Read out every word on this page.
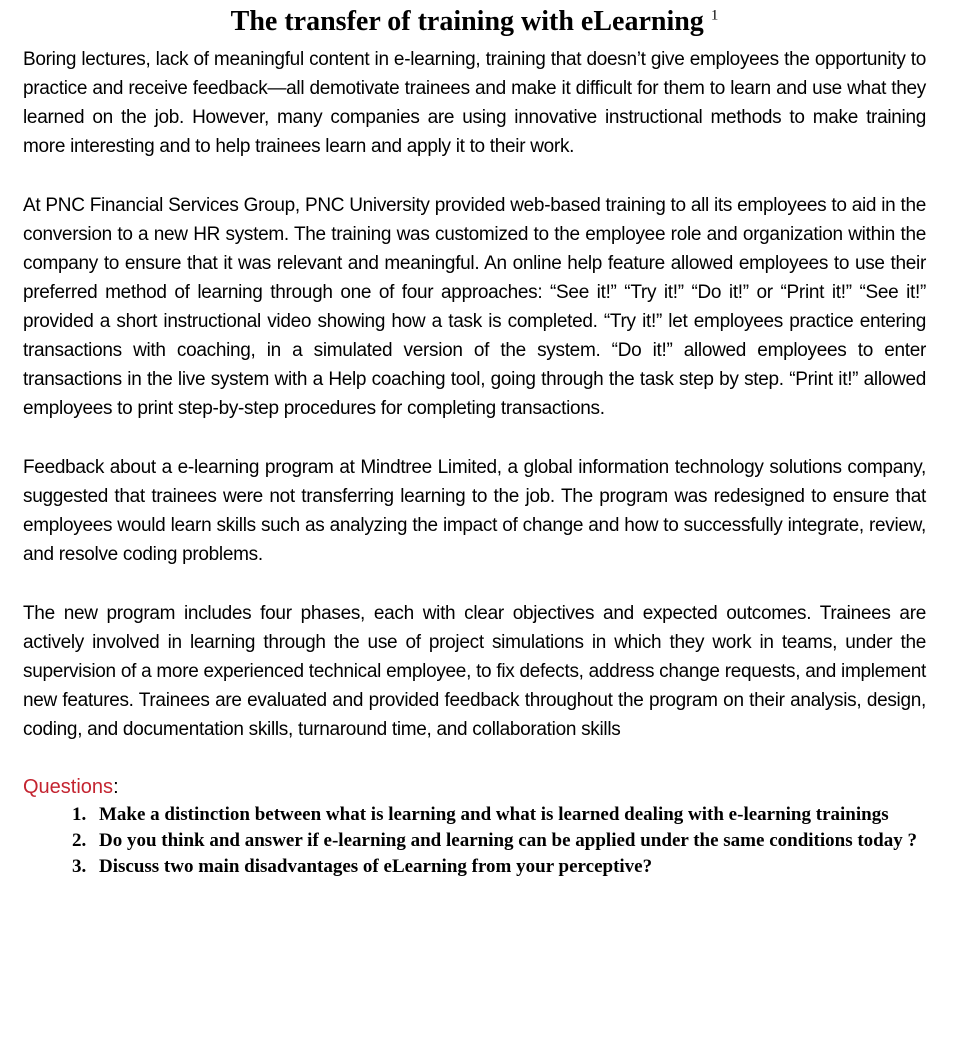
The transfer of training with eLearning $^1$

Boring lectures, lack of meaningful content in e-learning, training that doesn’t give employees the opportunity to practice and receive feedback—all demotivate trainees and make it difficult for them to learn and use what they learned on the job. However, many companies are using innovative instructional methods to make training more interesting and to help trainees learn and apply it to their work.

At PNC Financial Services Group, PNC University provided web-based training to all its employees to aid in the conversion to a new HR system. The training was customized to the employee role and organization within the company to ensure that it was relevant and meaningful. An online help feature allowed employees to use their preferred method of learning through one of four approaches: “See it!” “Try it!” “Do it!” or “Print it!” “See it!” provided a short instructional video showing how a task is completed. “Try it!” let employees practice entering transactions with coaching, in a simulated version of the system. “Do it!” allowed employees to enter transactions in the live system with a Help coaching tool, going through the task step by step. “Print it!” allowed employees to print step-by-step procedures for completing transactions.

Feedback about a e-learning program at Mindtree Limited, a global information technology solutions company, suggested that trainees were not transferring learning to the job. The program was redesigned to ensure that employees would learn skills such as analyzing the impact of change and how to successfully integrate, review, and resolve coding problems.

The new program includes four phases, each with clear objectives and expected outcomes. Trainees are actively involved in learning through the use of project simulations in which they work in teams, under the supervision of a more experienced technical employee, to fix defects, address change requests, and implement new features. Trainees are evaluated and provided feedback throughout the program on their analysis, design, coding, and documentation skills, turnaround time, and collaboration skills

Questions:
1. Make a distinction between what is learning and what is learned dealing with e-learning trainings
2. Do you think and answer if e-learning and learning can be applied under the same conditions today ?
3. Discuss two main disadvantages of eLearning from your perceptive?
